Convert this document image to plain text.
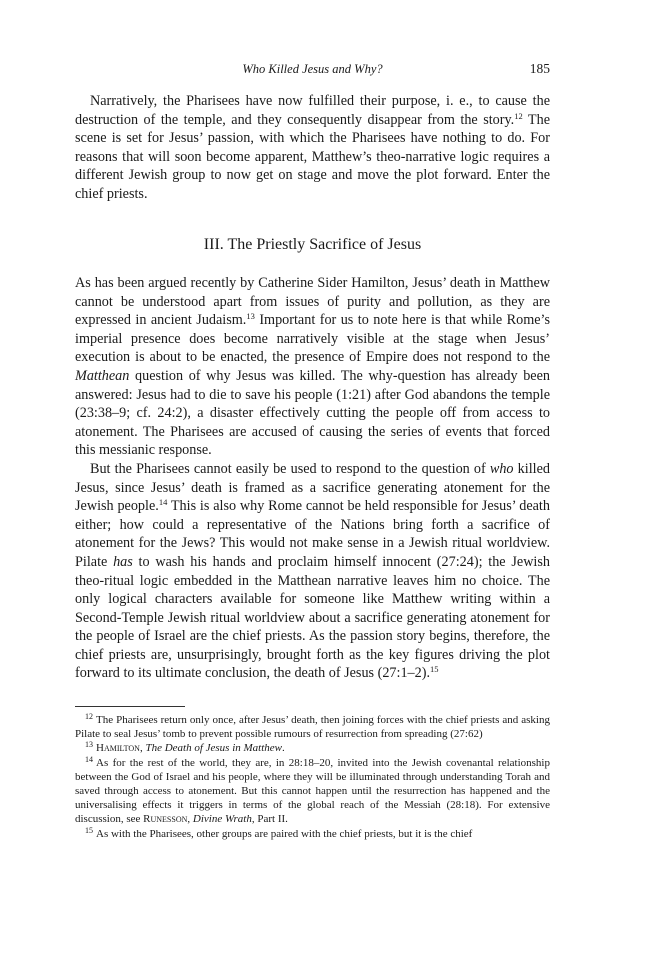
Who Killed Jesus and Why?	185

Narratively, the Pharisees have now fulfilled their purpose, i. e., to cause the destruction of the temple, and they consequently disappear from the story.$^{12}$ The scene is set for Jesus’ passion, with which the Pharisees have nothing to do. For reasons that will soon become apparent, Matthew’s theo-narrative logic requires a different Jewish group to now get on stage and move the plot forward. Enter the chief priests.

III. The Priestly Sacrifice of Jesus

As has been argued recently by Catherine Sider Hamilton, Jesus’ death in Matthew cannot be understood apart from issues of purity and pollution, as they are expressed in ancient Judaism.$^{13}$ Important for us to note here is that while Rome’s imperial presence does become narratively visible at the stage when Jesus’ execution is about to be enacted, the presence of Empire does not respond to the Matthean question of why Jesus was killed. The why-question has already been answered: Jesus had to die to save his people (1:21) after God abandons the temple (23:38–9; cf. 24:2), a disaster effectively cutting the people off from access to atonement. The Pharisees are accused of causing the series of events that forced this messianic response.

But the Pharisees cannot easily be used to respond to the question of who killed Jesus, since Jesus’ death is framed as a sacrifice generating atonement for the Jewish people.$^{14}$ This is also why Rome cannot be held responsible for Jesus’ death either; how could a representative of the Nations bring forth a sacrifice of atonement for the Jews? This would not make sense in a Jewish ritual worldview. Pilate has to wash his hands and proclaim himself innocent (27:24); the Jewish theo-ritual logic embedded in the Matthean narrative leaves him no choice. The only logical characters available for someone like Matthew writing within a Second-Temple Jewish ritual worldview about a sacrifice generating atonement for the people of Israel are the chief priests. As the passion story begins, therefore, the chief priests are, unsurprisingly, brought forth as the key figures driving the plot forward to its ultimate conclusion, the death of Jesus (27:1–2).$^{15}$

$^{12}$ The Pharisees return only once, after Jesus’ death, then joining forces with the chief priests and asking Pilate to seal Jesus’ tomb to prevent possible rumours of resurrection from spreading (27:62)

$^{13}$ Hamilton, The Death of Jesus in Matthew.

$^{14}$ As for the rest of the world, they are, in 28:18–20, invited into the Jewish covenantal relationship between the God of Israel and his people, where they will be illuminated through understanding Torah and saved through access to atonement. But this cannot happen until the resurrection has happened and the universalising effects it triggers in terms of the global reach of the Messiah (28:18). For extensive discussion, see Runesson, Divine Wrath, Part II.

$^{15}$ As with the Pharisees, other groups are paired with the chief priests, but it is the chief
